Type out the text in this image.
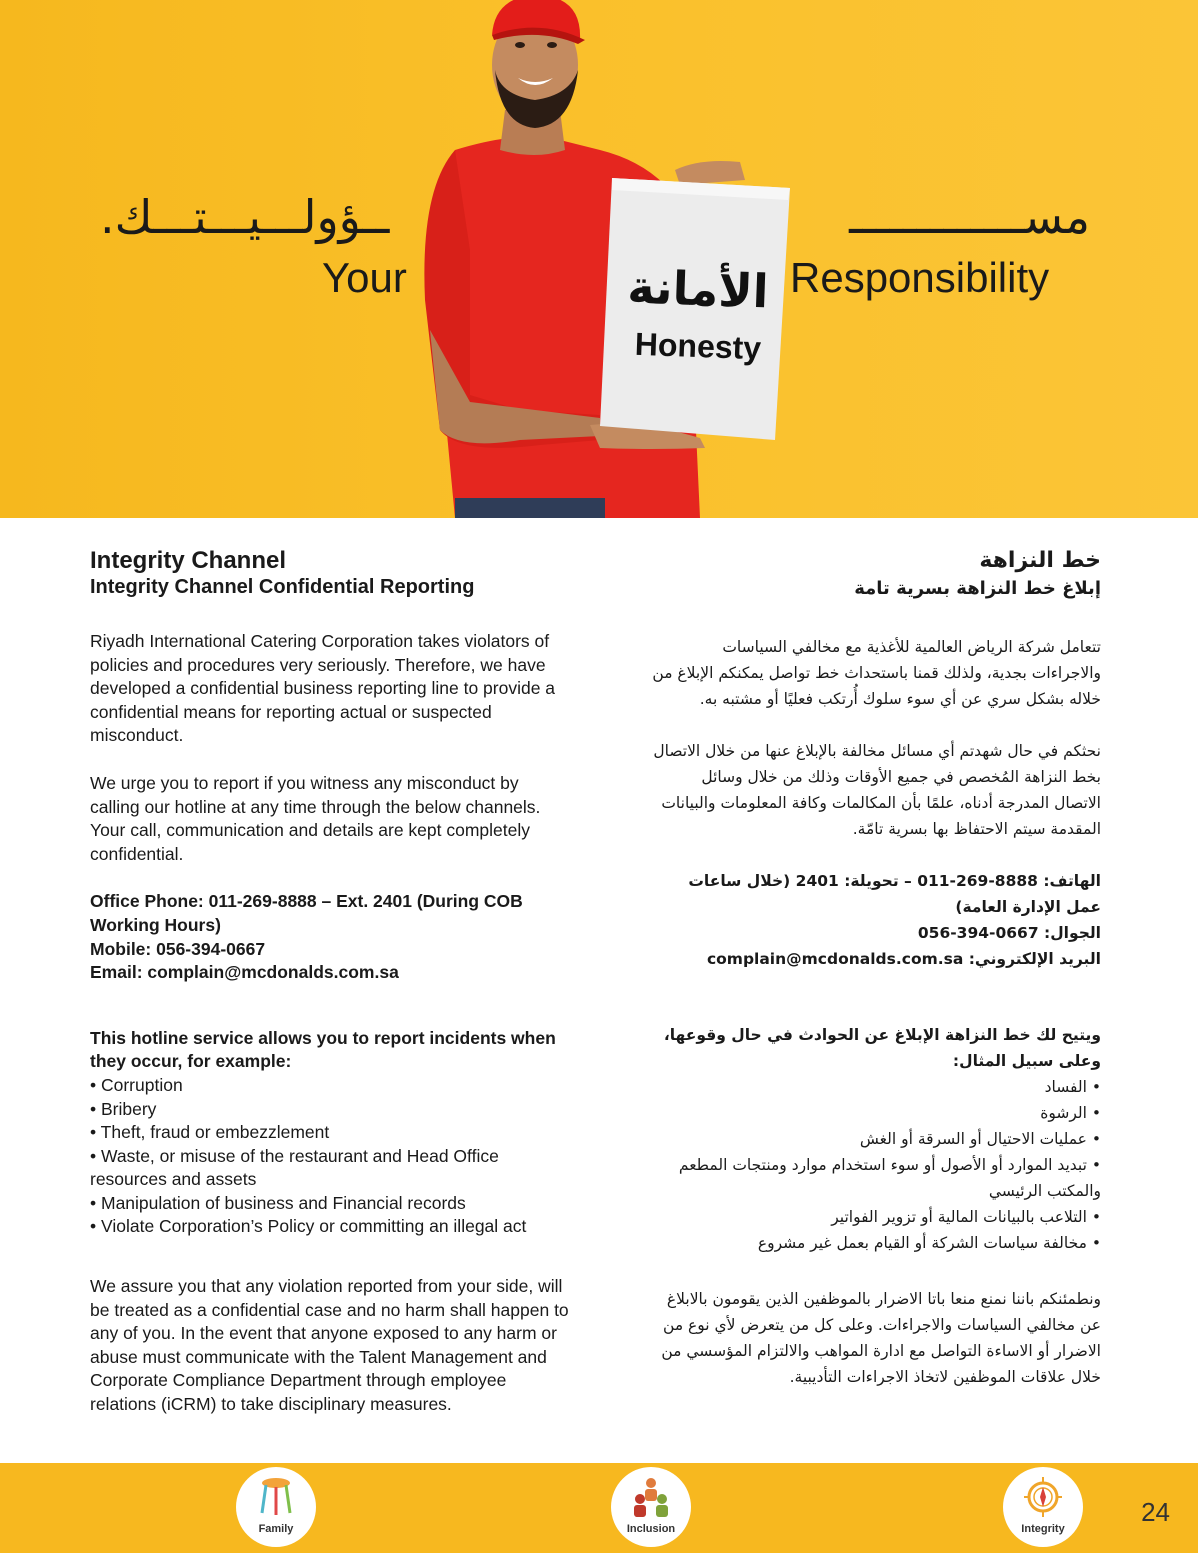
مســـــــــــــ
ــؤولـــيـــتـــك.
Your	Responsibility
الأمانة
Honesty
Integrity Channel
Integrity Channel Confidential Reporting

Riyadh International Catering Corporation takes violators of policies and procedures very seriously. Therefore, we have developed a confidential business reporting line to provide a confidential means for reporting actual or suspected misconduct.

We urge you to report if you witness any misconduct by calling our hotline at any time through the below channels. Your call, communication and details are kept completely confidential.

Office Phone: 011-269-8888 – Ext. 2401 (During COB Working Hours)
Mobile: 056-394-0667
Email: complain@mcdonalds.com.sa

This hotline service allows you to report incidents when they occur, for example:

• Corruption
• Bribery
• Theft, fraud or embezzlement
• Waste, or misuse of the restaurant and Head Office resources and assets
• Manipulation of business and Financial records
• Violate Corporation’s Policy or committing an illegal act

We assure you that any violation reported from your side, will be treated as a confidential case and no harm shall happen to any of you. In the event that anyone exposed to any harm or abuse must communicate with the Talent Management and Corporate Compliance Department through employee relations (iCRM) to take disciplinary measures.

خط النزاهة
إبلاغ خط النزاهة بسرية تامة

تتعامل شركة الرياض العالمية للأغذية مع مخالفي السياسات والاجراءات بجدية، ولذلك قمنا باستحداث خط تواصل يمكنكم الإبلاغ من خلاله بشكل سري عن أي سوء سلوك أُرتكب فعليًا أو مشتبه به.

نحثكم في حال شهدتم أي مسائل مخالفة بالإبلاغ عنها من خلال الاتصال بخط النزاهة المُخصص في جميع الأوقات وذلك من خلال وسائل الاتصال المدرجة أدناه، علمًا بأن المكالمات وكافة المعلومات والبيانات المقدمة سيتم الاحتفاظ بها بسرية تامّة.

الهاتف: 011-269-8888 – تحويلة: 2401 (خلال ساعات عمل الإدارة العامة)
الجوال: 056-394-0667
البريد الإلكتروني: complain@mcdonalds.com.sa

ويتيح لك خط النزاهة الإبلاغ عن الحوادث في حال وقوعها، وعلى سبيل المثال:

• الفساد
• الرشوة
• عمليات الاحتيال أو السرقة أو الغش
• تبديد الموارد أو الأصول أو سوء استخدام موارد ومنتجات المطعم والمكتب الرئيسي
• التلاعب بالبيانات المالية أو تزوير الفواتير
• مخالفة سياسات الشركة أو القيام بعمل غير مشروع

ونطمئنكم باننا نمنع منعا باتا الاضرار بالموظفين الذين يقومون بالابلاغ عن مخالفي السياسات والاجراءات. وعلى كل من يتعرض لأي نوع من الاضرار أو الاساءة التواصل مع ادارة المواهب والالتزام المؤسسي من خلال علاقات الموظفين لاتخاذ الاجراءات التأديبية.

Family	Inclusion	Integrity
24
